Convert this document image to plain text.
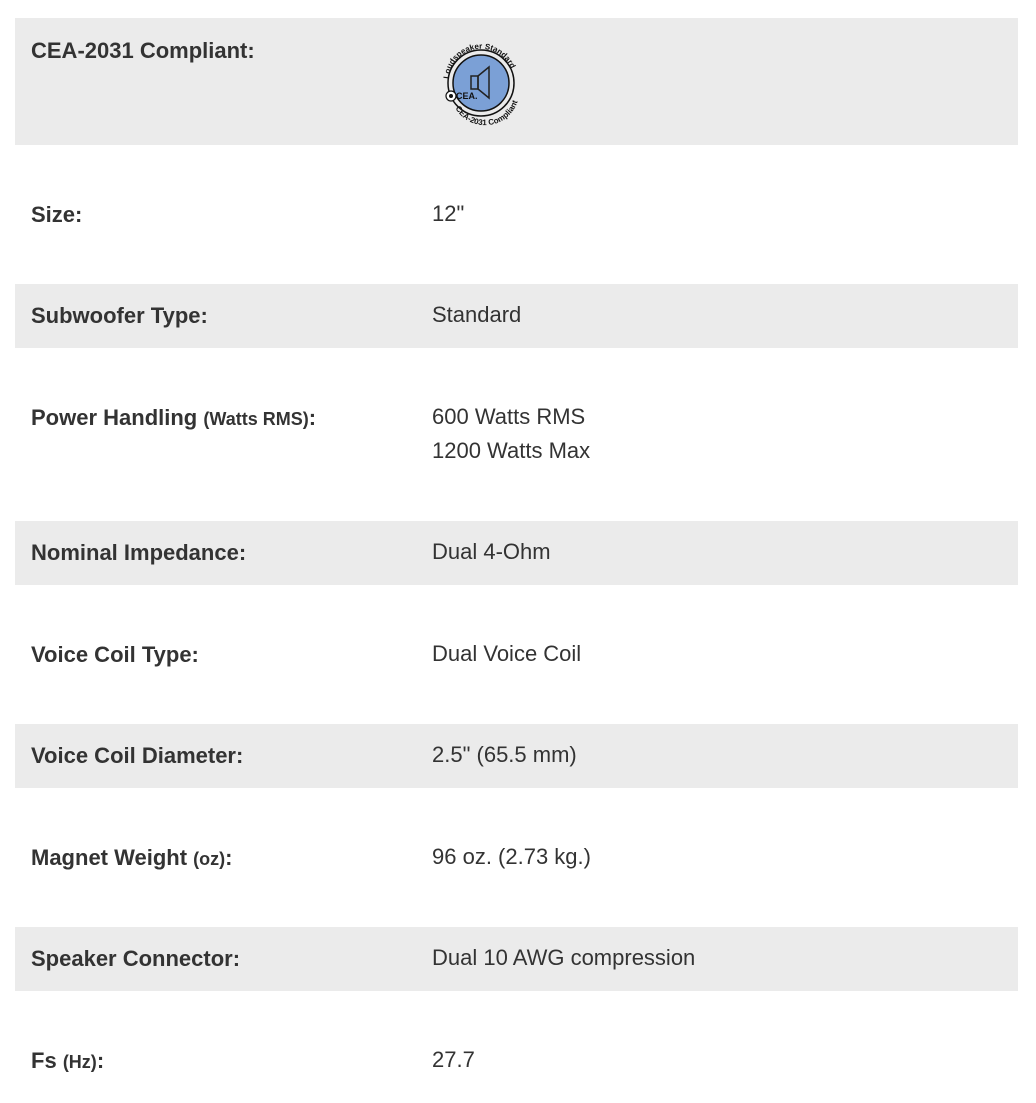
CEA-2031 Compliant:
Loudspeaker Standard
CEA-2031 Compliant
CEA.
Size:	12"
Subwoofer Type:	Standard
Power Handling (Watts RMS):	600 Watts RMS
1200 Watts Max
Nominal Impedance:	Dual 4-Ohm
Voice Coil Type:	Dual Voice Coil
Voice Coil Diameter:	2.5" (65.5 mm)
Magnet Weight (oz):	96 oz. (2.73 kg.)
Speaker Connector:	Dual 10 AWG compression
Fs (Hz):	27.7
